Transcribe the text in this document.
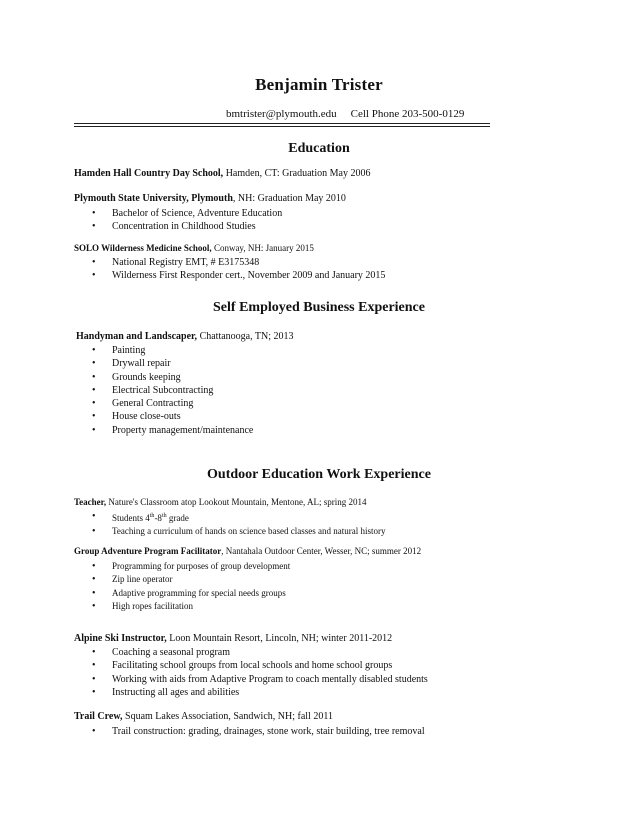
Benjamin Trister
bmtrister@plymouth.edu Cell Phone 203-500-0129
Education
Hamden Hall Country Day School, Hamden, CT: Graduation May 2006
Plymouth State University, Plymouth, NH: Graduation May 2010
• Bachelor of Science, Adventure Education
• Concentration in Childhood Studies
SOLO Wilderness Medicine School, Conway, NH: January 2015
• National Registry EMT, # E3175348
• Wilderness First Responder cert., November 2009 and January 2015
Self Employed Business Experience
Handyman and Landscaper, Chattanooga, TN; 2013
• Painting
• Drywall repair
• Grounds keeping
• Electrical Subcontracting
• General Contracting
• House close-outs
• Property management/maintenance
Outdoor Education Work Experience
Teacher, Nature's Classroom atop Lookout Mountain, Mentone, AL; spring 2014
• Students 4th-8th grade
• Teaching a curriculum of hands on science based classes and natural history
Group Adventure Program Facilitator, Nantahala Outdoor Center, Wesser, NC; summer 2012
• Programming for purposes of group development
• Zip line operator
• Adaptive programming for special needs groups
• High ropes facilitation
Alpine Ski Instructor, Loon Mountain Resort, Lincoln, NH; winter 2011-2012
• Coaching a seasonal program
• Facilitating school groups from local schools and home school groups
• Working with aids from Adaptive Program to coach mentally disabled students
• Instructing all ages and abilities
Trail Crew, Squam Lakes Association, Sandwich, NH; fall 2011
• Trail construction: grading, drainages, stone work, stair building, tree removal
